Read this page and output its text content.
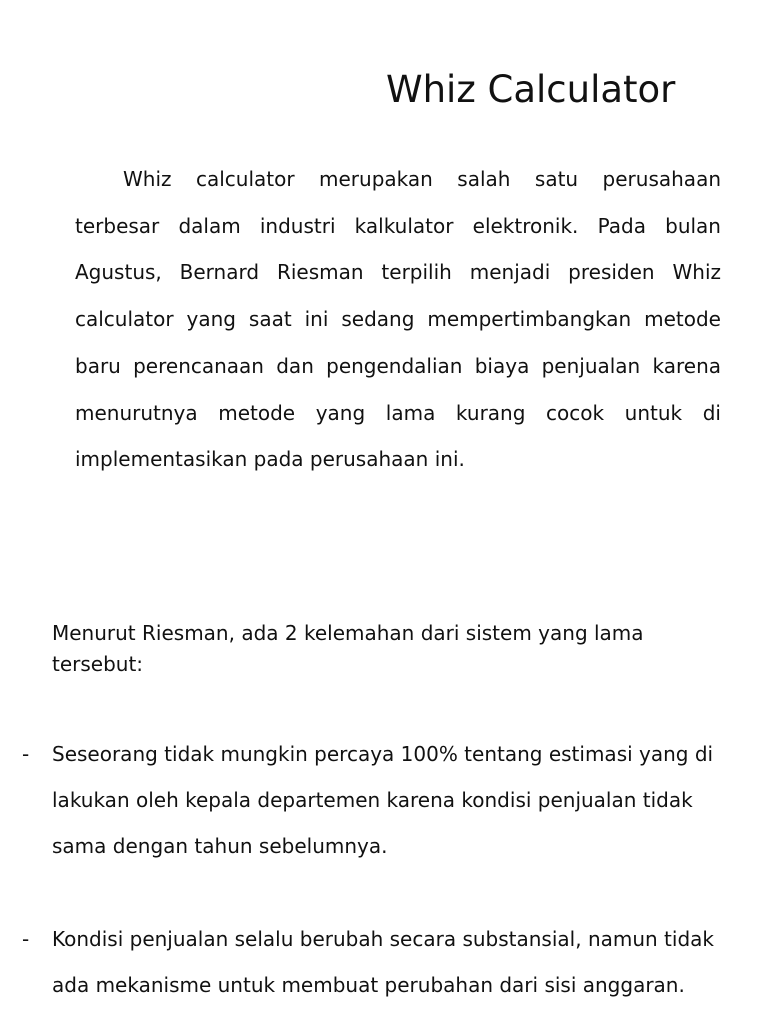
Whiz Calculator

Whiz calculator merupakan salah satu perusahaan terbesar dalam industri kalkulator elektronik. Pada bulan Agustus, Bernard Riesman terpilih menjadi presiden Whiz calculator yang saat ini sedang mempertimbangkan metode baru perencanaan dan pengendalian biaya penjualan karena menurutnya metode yang lama kurang cocok untuk di implementasikan pada perusahaan ini.

Menurut Riesman, ada 2 kelemahan dari sistem yang lama tersebut:

- Seseorang tidak mungkin percaya 100% tentang estimasi yang di lakukan oleh kepala departemen karena kondisi penjualan tidak sama dengan tahun sebelumnya.

- Kondisi penjualan selalu berubah secara substansial, namun tidak ada mekanisme untuk membuat perubahan dari sisi anggaran.
